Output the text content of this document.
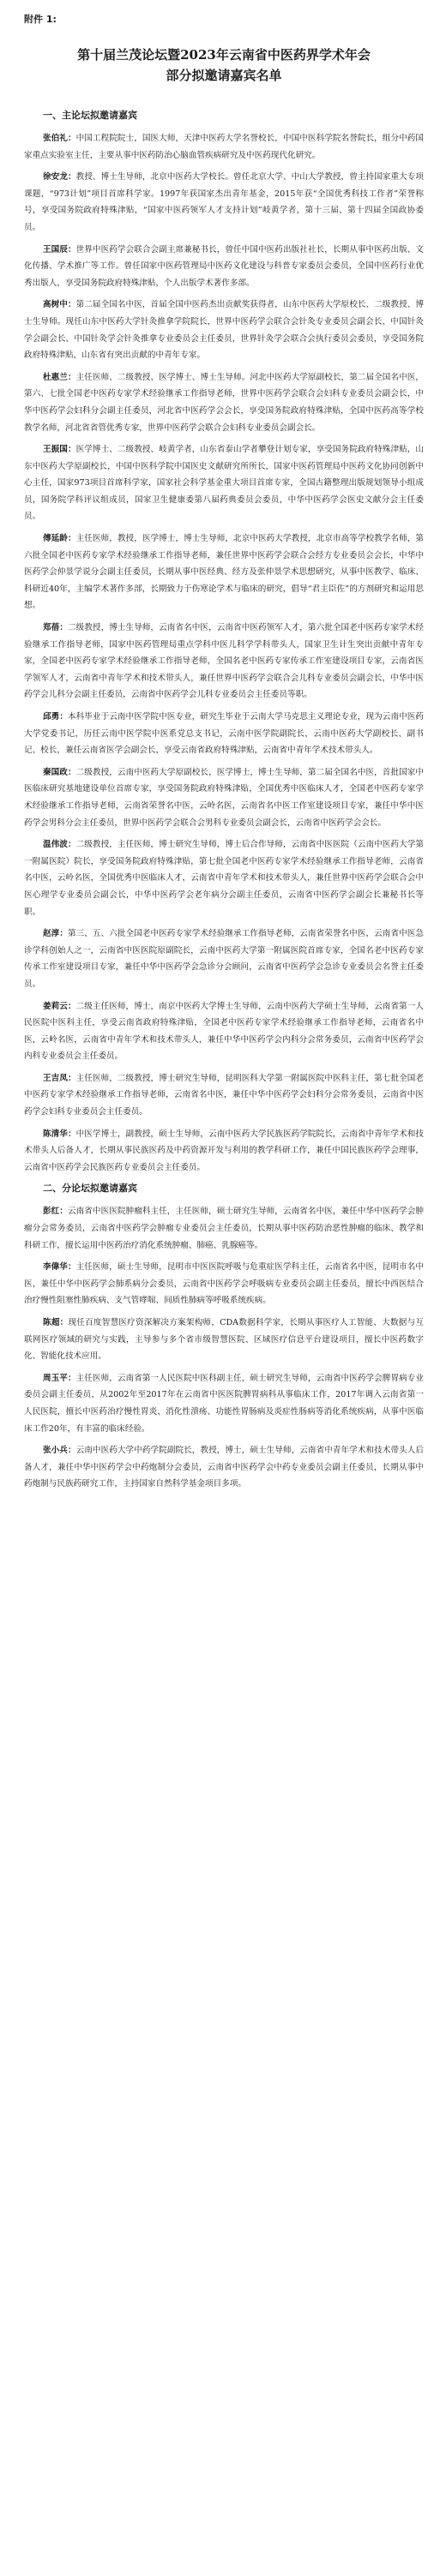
附件 1:
第十届兰茂论坛暨2023年云南省中医药界学术年会
部分拟邀请嘉宾名单
一、主论坛拟邀请嘉宾

张伯礼：中国工程院院士，国医大师，天津中医药大学名誉校长，中国中医科学院名誉院长，组分中药国家重点实验室主任，主要从事中医药防治心脑血管疾病研究及中医药现代化研究。

徐安龙：教授、博士生导师，北京中医药大学校长。曾任北京大学、中山大学教授，曾主持国家重大专项课题，“973计划”项目首席科学家。1997年获国家杰出青年基金，2015年获“全国优秀科技工作者”荣誉称号，享受国务院政府特殊津贴，“国家中医药领军人才支持计划”岐黄学者，第十三届、第十四届全国政协委员。

王国辰：世界中医药学会联合会副主席兼秘书长，曾任中国中医药出版社社长，长期从事中医药出版、文化传播、学术推广等工作。曾任国家中医药管理局中医药文化建设与科普专家委员会委员，全国中医药行业优秀出版人，享受国务院政府特殊津贴，个人出版学术著作多部。

高树中：第二届全国名中医，首届全国中医药杰出贡献奖获得者，山东中医药大学原校长、二级教授、博士生导师。现任山东中医药大学针灸推拿学院院长，世界中医药学会联合会针灸专业委员会副会长、中国针灸学会副会长、中国针灸学会针灸推拿专业委员会主任委员，世界针灸学会联合会执行委员会委员，享受国务院政府特殊津贴，山东省有突出贡献的中青年专家。

杜惠兰：主任医师、二级教授、医学博士、博士生导师。河北中医药大学原副校长，第二届全国名中医，第六、七批全国老中医药专家学术经验继承工作指导老师，世界中医药学会联合会妇科专业委员会副会长，中华中医药学会妇科分会副主任委员，河北省中医药学会会长，享受国务院政府特殊津贴，全国中医药高等学校教学名师，河北省省管优秀专家，世界中医药学会联合会妇科专业委员会副会长。

王振国：医学博士、二级教授、岐黄学者，山东省泰山学者攀登计划专家，享受国务院政府特殊津贴，山东中医药大学原副校长，中国中医科学院中国医史文献研究所所长，国家中医药管理局中医药文化协同创新中心主任，国家973项目首席科学家，国家社会科学基金重大项目首席专家，全国古籍整理出版规划领导小组成员，国务院学科评议组成员，国家卫生健康委第八届药典委员会委员，中华中医药学会医史文献分会主任委员。

傅延龄：主任医师，教授，医学博士，博士生导师，北京中医药大学教授，北京市高等学校教学名师，第六批全国老中医药专家学术经验继承工作指导老师，兼任世界中医药学会联合会经方专业委员会会长，中华中医药学会仲景学说分会副主任委员，长期从事中医经典、经方及张仲景学术思想研究，从事中医教学、临床、科研近40年，主编学术著作多部，长期致力于伤寒论学术与临床的研究，倡导“君主臣佐”的方剂研究和运用思想。

郑蓓：二级教授，博士生导师，云南省名中医，云南省中医药领军人才，第六批全国老中医药专家学术经验继承工作指导老师，国家中医药管理局重点学科中医儿科学学科带头人，国家卫生计生突出贡献中青年专家，全国老中医药专家学术经验继承工作指导老师，全国名老中医药专家传承工作室建设项目专家，云南省医学领军人才，云南省中青年学术和技术带头人，兼任世界中医药学会联合会儿科专业委员会副会长，中华中医药学会儿科分会副主任委员，云南省中医药学会儿科专业委员会主任委员等职。

邱勇：本科毕业于云南中医学院中医专业，研究生毕业于云南大学马克思主义理论专业，现为云南中医药大学党委书记，历任云南中医学院中医系党总支书记，云南中医学院副院长，云南中医药大学副校长、副书记、校长，兼任云南省医学会副会长，享受云南省政府特殊津贴，云南省中青年学术技术带头人。

秦国政：二级教授，云南中医药大学原副校长，医学博士，博士生导师，第二届全国名中医，首批国家中医临床研究基地建设单位首席专家，享受国务院政府特殊津贴，全国优秀中医临床人才，全国老中医药专家学术经验继承工作指导老师，云南省荣誉名中医，云岭名医，云南省名中医工作室建设项目专家，兼任中华中医药学会男科分会主任委员，世界中医药学会联合会男科专业委员会副会长，云南省中医药学会会长。

温伟波：二级教授，主任医师，博士研究生导师，博士后合作导师，云南省中医医院（云南中医药大学第一附属医院）院长，享受国务院政府特殊津贴，第七批全国老中医药专家学术经验继承工作指导老师，云南省名中医，云岭名医，全国优秀中医临床人才，云南省中青年学术和技术带头人，兼任世界中医药学会联合会中医心理学专业委员会副会长，中华中医药学会老年病分会副主任委员，云南省中医药学会副会长兼秘书长等职。

赵淳：第三、五、六批全国老中医药专家学术经验继承工作指导老师，云南省荣誉名中医，云南省中医急诊学科创始人之一，云南省中医医院原副院长，云南中医药大学第一附属医院首席专家，全国名老中医药专家传承工作室建设项目专家，兼任中华中医药学会急诊分会顾问，云南省中医药学会急诊专业委员会名誉主任委员。

姜莉云：二级主任医师，博士，南京中医药大学博士生导师，云南中医药大学硕士生导师，云南省第一人民医院中医科主任，享受云南省政府特殊津贴，全国老中医药专家学术经验继承工作指导老师，云南省名中医，云岭名医，云南省中青年学术和技术带头人，兼任中华中医药学会内科分会常务委员，云南省中医药学会内科专业委员会主任委员。

王吉凤：主任医师，二级教授，博士研究生导师，昆明医科大学第一附属医院中医科主任，第七批全国老中医药专家学术经验继承工作指导老师，云南省名中医，兼任中华中医药学会妇科分会常务委员，云南省中医药学会妇科专业委员会主任委员。

陈清华：中医学博士，副教授，硕士生导师，云南中医药大学民族医药学院院长，云南省中青年学术和技术带头人后备人才，长期从事民族医药及中药资源开发与利用的教学科研工作，兼任中国民族医药学会理事，云南省中医药学会民族医药专业委员会主任委员。

二、分论坛拟邀请嘉宾

彭红：云南省中医医院肿瘤科主任，主任医师，硕士研究生导师，云南省名中医，兼任中华中医药学会肿瘤分会常务委员，云南省中医药学会肿瘤专业委员会主任委员，长期从事中医药防治恶性肿瘤的临床、教学和科研工作，擅长运用中医药治疗消化系统肿瘤、肺癌、乳腺癌等。

李偉华：主任医师，硕士生导师，昆明市中医医院呼吸与危重症医学科主任，云南省名中医，昆明市名中医，兼任中华中医药学会肺系病分会委员，云南省中医药学会呼吸病专业委员会副主任委员，擅长中西医结合治疗慢性阻塞性肺疾病、支气管哮喘、间质性肺病等呼吸系统疾病。

陈超：现任百度智慧医疗资深解决方案架构师，CDA数据科学家，长期从事医疗人工智能、大数据与互联网医疗领域的研究与实践，主导参与多个省市级智慧医院、区域医疗信息平台建设项目，擅长中医药数字化、智能化技术应用。

周玉平：主任医师，云南省第一人民医院中医科副主任，硕士研究生导师，云南省中医药学会脾胃病专业委员会副主任委员，从2002年至2017年在云南省中医医院脾胃病科从事临床工作，2017年调入云南省第一人民医院，擅长中医药治疗慢性胃炎、消化性溃疡、功能性胃肠病及炎症性肠病等消化系统疾病，从事中医临床工作20年，有丰富的临床经验。

张小兵：云南中医药大学中药学院副院长，教授，博士，硕士生导师，云南省中青年学术和技术带头人后备人才，兼任中华中医药学会中药炮制分会委员，云南省中医药学会中药专业委员会副主任委员，长期从事中药炮制与民族药研究工作，主持国家自然科学基金项目多项。
